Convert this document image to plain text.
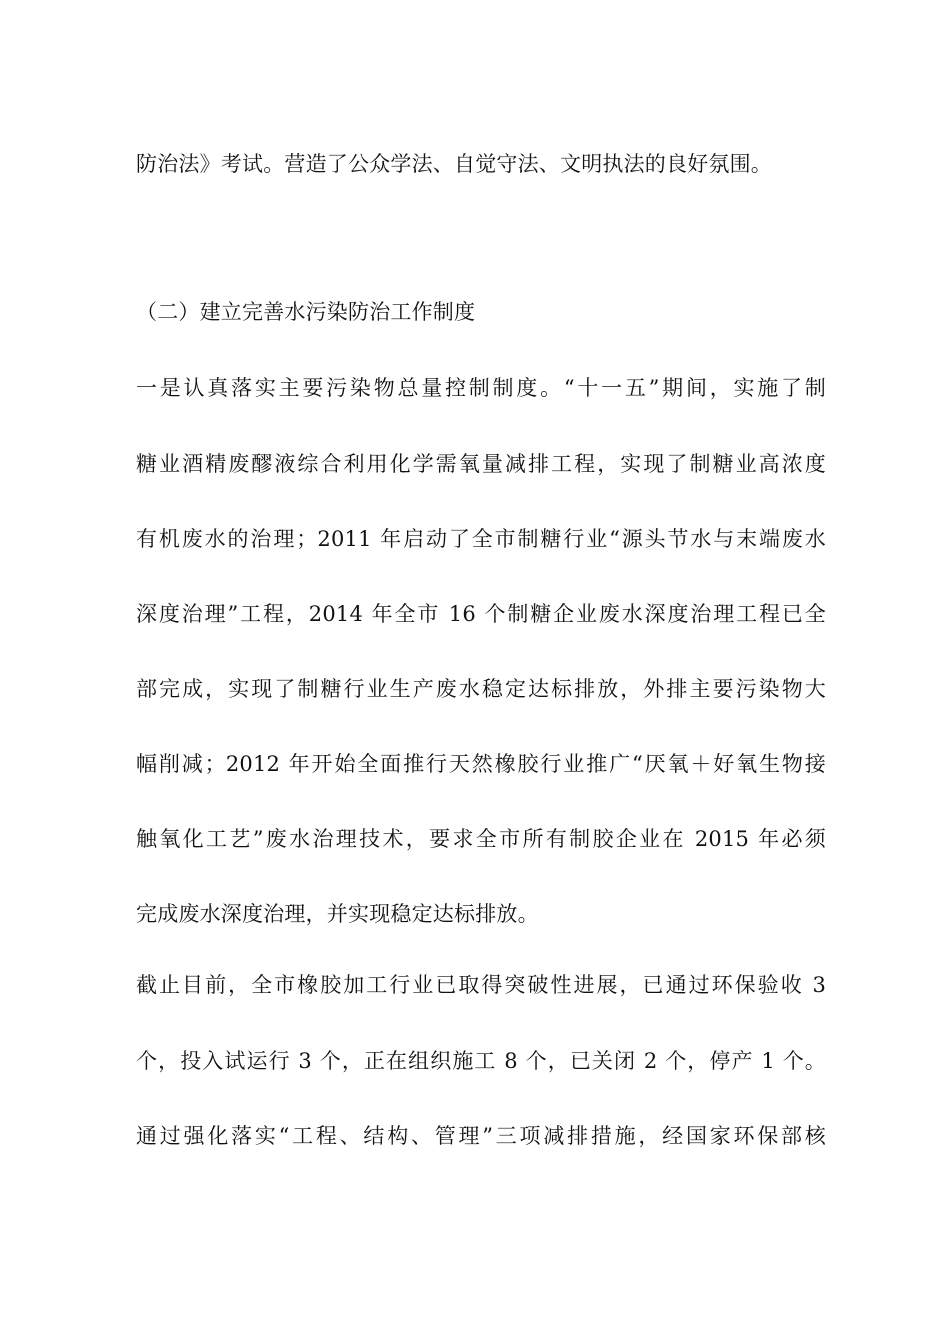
防治法》考试。营造了公众学法、自觉守法、文明执法的良好氛围。
（二）建立完善水污染防治工作制度
一是认真落实主要污染物总量控制制度。“十一五”期间，实施了制
糖业酒精废醪液综合利用化学需氧量减排工程，实现了制糖业高浓度
有机废水的治理；2011 年启动了全市制糖行业“源头节水与末端废水
深度治理”工程，2014 年全市 16 个制糖企业废水深度治理工程已全
部完成，实现了制糖行业生产废水稳定达标排放，外排主要污染物大
幅削减；2012 年开始全面推行天然橡胶行业推广“厌氧＋好氧生物接
触氧化工艺”废水治理技术，要求全市所有制胶企业在 2015 年必须
完成废水深度治理，并实现稳定达标排放。
截止目前，全市橡胶加工行业已取得突破性进展，已通过环保验收 3
个，投入试运行 3 个，正在组织施工 8 个，已关闭 2 个，停产 1 个。
通过强化落实“工程、结构、管理”三项减排措施，经国家环保部核
